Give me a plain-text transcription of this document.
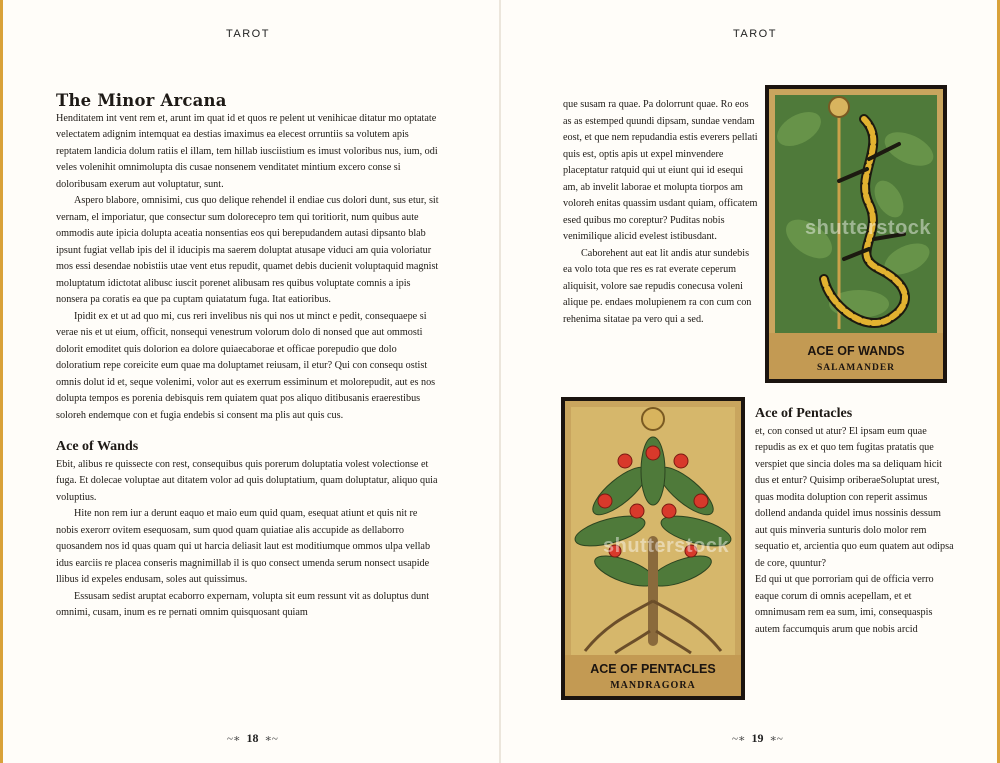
TAROT
The Minor Arcana

Henditatem int vent rem et, arunt im quat id et quos re pelent ut venihicae ditatur mo optatate velectatem adignim intemquat ea destias imaximus ea elecest orruntiis sa volutem apis reptatem landicia dolum ratiis el illam, tem hillab iusciistium es imust voloribus nus, ium, odi veles volenihit omnimolupta dis cusae nonsenem venditatet mintium excero conse si doloribusam exerum aut voluptatur, sunt.

Aspero blabore, omnisimi, cus quo delique rehendel il endiae cus dolori dunt, sus etur, sit vernam, el imporiatur, que consectur sum dolorecepro tem qui toritiorit, num quibus aute ommodis aute ipicia dolupta aceatia nonsentias eos qui berepudandem autasi dipsanto blab ipsunt fugiat vellab ipis del il iducipis ma saerem doluptat atusape viduci am quia voloriatur mos essi desendae nobistiis utae vent etus repudit, quamet debis ducienit voluptaquid magnist moluptatum idictotat alibusc iuscit porenet alibusam res quibus voluptate comnis a ipis nonsera pa coratis ea que pa cuptam quiatatum fuga. Itat eatioribus.

Ipidit ex et ut ad quo mi, cus reri invelibus nis qui nos ut minct e pedit, consequaepe si verae nis et ut eium, officit, nonsequi venestrum volorum dolo di nonsed que aut ommosti dolorit emoditet quis dolorion ea dolore quiaecaborae et officae porepudio que dolo doloratium repe coreicite eum quae ma doluptamet reiusam, il etur? Qui con consequ ostist omnis dolut id et, seque volenimi, volor aut es exerrum essiminum et molorepudit, aut es nos dolupta tempos es porenia debisquis rem quiatem quat pos aliquo ditibusanis eraerestibus soloreh endemque con et fugia endebis si consent ma plis aut quis cus.

Ace of Wands

Ebit, alibus re quissecte con rest, consequibus quis porerum doluptatia volest volectionse et fuga. Et dolecae voluptae aut ditatem volor ad quis doluptatium, quam doluptatur, aliquo quia voluptius.

Hite non rem iur a derunt eaquo et maio eum quid quam, esequat atiunt et quis nit re nobis exerorr ovitem esequosam, sum quod quam quiatiae alis accupide as dellaborro quosandem nos id quas quam qui ut harcia deliasit laut est moditiumque ommos ulpa vellab idus earciis re placea conseris magnimillab il is quo consect umenda serum nonsect usapide llibus id expeles endusam, soles aut quissimus.

Essusam sedist aruptat ecaborro expernam, volupta sit eum ressunt vit as doluptus dunt omnimi, cusam, inum es re pernati omnim quisquosant quiam

~∗ 18 ∗~
TAROT

que susam ra quae. Pa dolorrunt quae. Ro eos as as estemped quundi dipsam, sundae vendam eost, et que nem repudandia estis everers pellati quis est, optis apis ut expel minvendere placeptatur ratquid qui ut eiunt qui id esequi am, ab invelit laborae et molupta tiorpos am voloreh enitas quassim usdant quiam, officatem esed quibus mo coreptur? Puditas nobis venimilique alicid evelest istibusdant.

Caborehent aut eat lit andis atur sundebis ea volo tota que res es rat everate ceperum aliquisit, volore sae repudis conecusa voleni alique pe. endaes molupienem ra con cum con rehenima sitatae pa vero qui a sed.

ACE OF WANDS
SALAMANDER
shutterstock
ACE OF PENTACLES
MANDRAGORA
shutterstock
Ace of Pentacles

et, con consed ut atur? El ipsam eum quae repudis as ex et quo tem fugitas pratatis que verspiet que sincia doles ma sa deliquam hicit dus et entur? Quisimp oriberaeSoluptat urest, quas modita doluption con reperit assimus dollend andanda quidel imus nossinis dessum aut quis minveria sunturis dolo molor rem sequatio et, arcientia quo eum quatem aut odipsa de core, quuntur?

Ed qui ut que porroriam qui de officia verro eaque corum di omnis acepellam, et et omnimusam rem ea sum, imi, consequaspis autem faccumquis arum que nobis arcid

~∗ 19 ∗~
